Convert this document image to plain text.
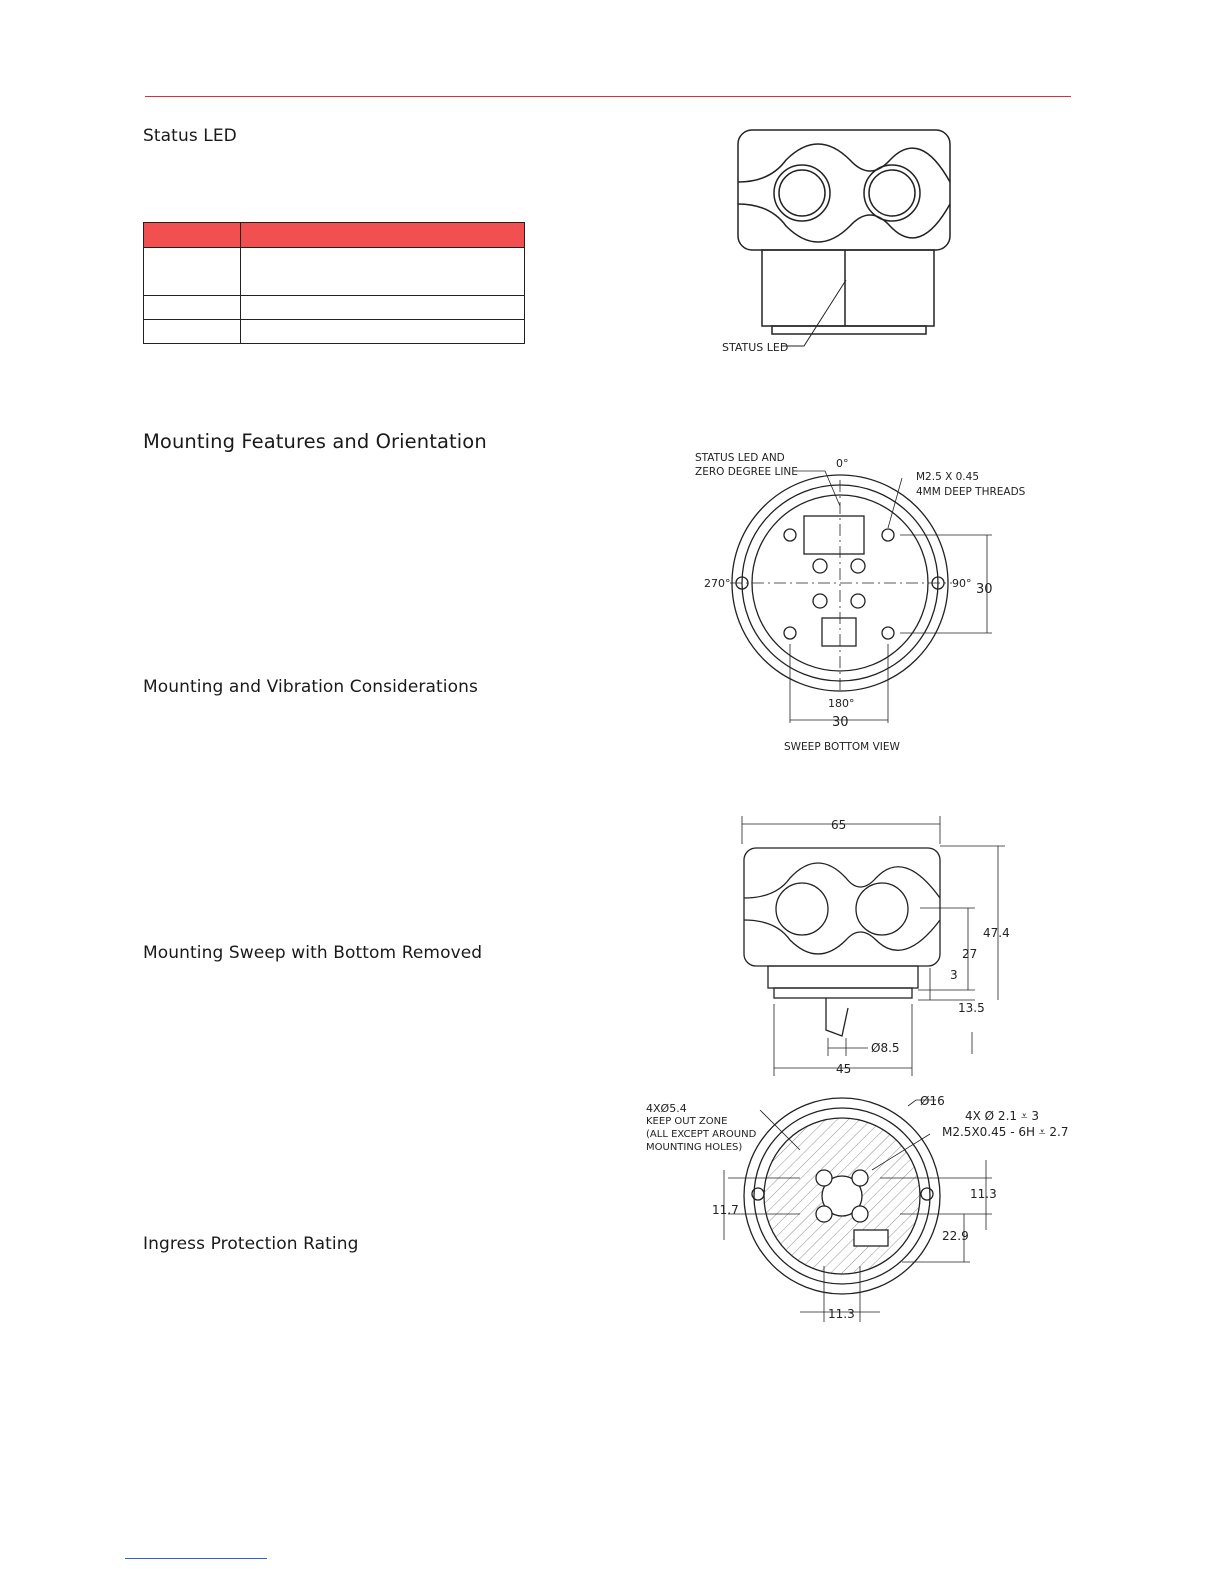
Status LED

Mounting Features and Orientation
Mounting and Vibration Considerations
Mounting Sweep with Bottom Removed
Ingress Protection Rating
STATUS LED
STATUS LED AND
ZERO DEGREE LINE
0°
M2.5 X 0.45
4MM DEEP THREADS
270°	90° 30
180°
30
SWEEP BOTTOM VIEW
65
47.4
27
3
13.5
Ø8.5
45
4XØ5.4
KEEP OUT ZONE
(ALL EXCEPT AROUND
MOUNTING HOLES)
Ø16
4X Ø 2.1 ⩡ 3
M2.5X0.45 - 6H ⩡ 2.7
11.7
11.3
22.9
11.3
